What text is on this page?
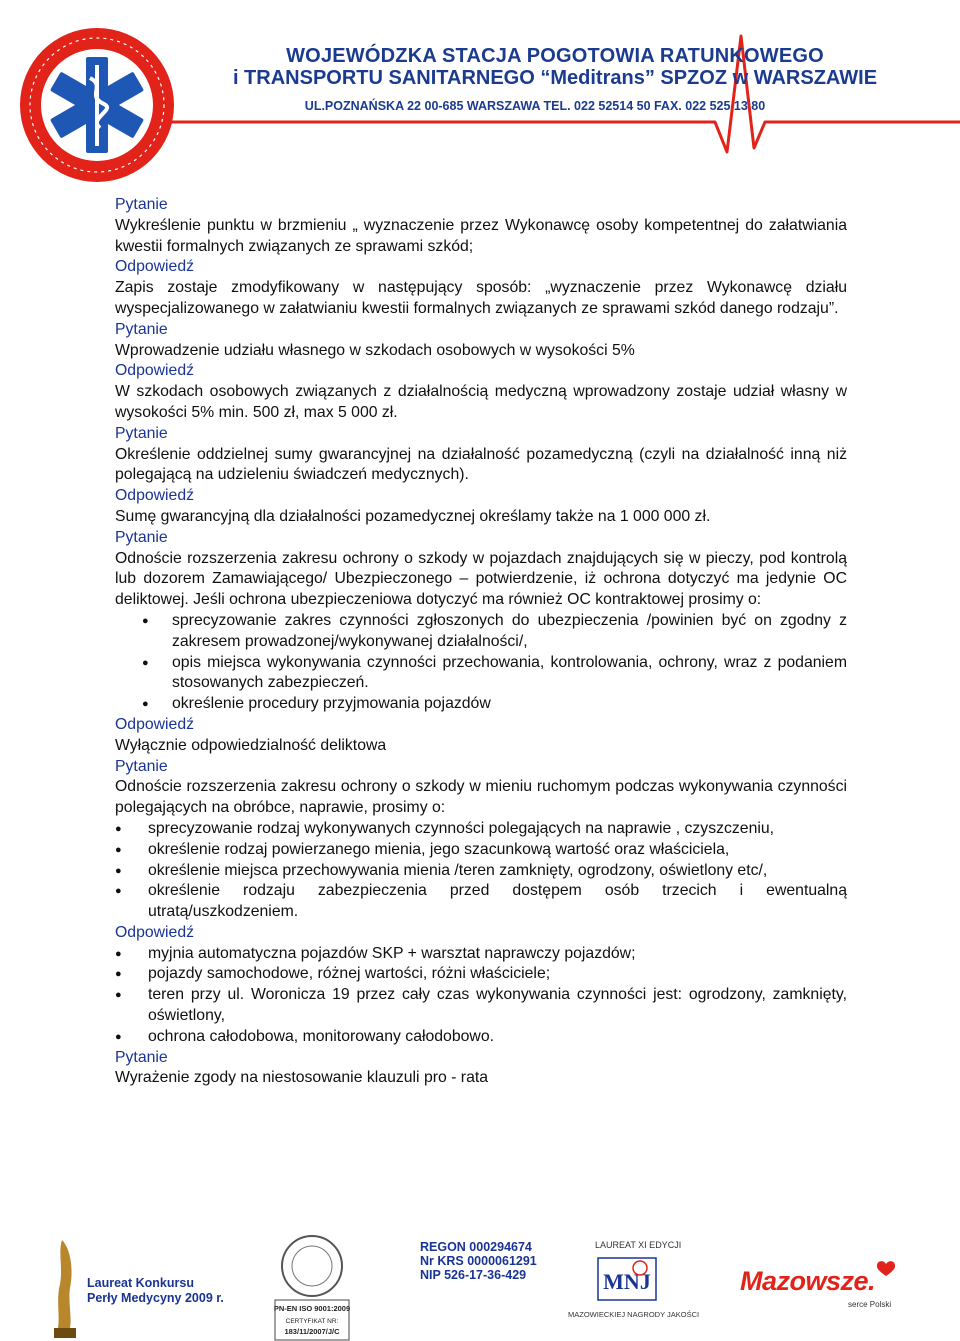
WOJEWÓDZKA STACJA POGOTOWIA RATUNKOWEGO
i TRANSPORTU SANITARNEGO “Meditrans” SPZOZ w WARSZAWIE
UL.POZNAŃSKA 22 00-685 WARSZAWA TEL. 022 52514 50 FAX. 022 525 13 80

Pytanie

Wykreślenie punktu w brzmieniu „ wyznaczenie przez Wykonawcę osoby kompetentnej do załatwiania kwestii formalnych związanych ze sprawami szkód;

Odpowiedź

Zapis zostaje zmodyfikowany w następujący sposób: „wyznaczenie przez Wykonawcę działu wyspecjalizowanego w załatwianiu kwestii formalnych związanych ze sprawami szkód danego rodzaju”.

Pytanie

Wprowadzenie udziału własnego w szkodach osobowych w wysokości 5%

Odpowiedź

W szkodach osobowych związanych z działalnością medyczną wprowadzony zostaje udział własny w wysokości 5% min. 500 zł, max 5 000 zł.

Pytanie

Określenie oddzielnej sumy gwarancyjnej na działalność pozamedyczną (czyli na działalność inną niż polegającą na udzieleniu świadczeń medycznych).

Odpowiedź

Sumę gwarancyjną dla działalności pozamedycznej określamy także na 1 000 000 zł.

Pytanie

Odnoście rozszerzenia zakresu ochrony o szkody w pojazdach znajdujących się w pieczy, pod kontrolą lub dozorem Zamawiającego/ Ubezpieczonego – potwierdzenie, iż ochrona dotyczyć ma jedynie OC deliktowej. Jeśli ochrona ubezpieczeniowa dotyczyć ma również OC kontraktowej prosimy o:

● sprecyzowanie zakres czynności zgłoszonych do ubezpieczenia /powinien być on zgodny z zakresem prowadzonej/wykonywanej działalności/,
● opis miejsca wykonywania czynności przechowania, kontrolowania, ochrony, wraz z podaniem stosowanych zabezpieczeń.
● określenie procedury przyjmowania pojazdów

Odpowiedź

Wyłącznie odpowiedzialność deliktowa

Pytanie

Odnoście rozszerzenia zakresu ochrony o szkody w mieniu ruchomym podczas wykonywania czynności polegających na obróbce, naprawie, prosimy o:

● sprecyzowanie rodzaj wykonywanych czynności polegających na naprawie , czyszczeniu,
● określenie rodzaj powierzanego mienia, jego szacunkową wartość oraz właściciela,
● określenie miejsca przechowywania mienia /teren zamknięty, ogrodzony, oświetlony etc/,
● określenie rodzaju zabezpieczenia przed dostępem osób trzecich i ewentualną utratą/uszkodzeniem.

Odpowiedź

● myjnia automatyczna pojazdów SKP + warsztat naprawczy pojazdów;
● pojazdy samochodowe, różnej wartości, różni właściciele;
● teren przy ul. Woronicza 19 przez cały czas wykonywania czynności jest: ogrodzony, zamknięty, oświetlony,
● ochrona całodobowa, monitorowany całodobowo.

Pytanie

Wyrażenie zgody na niestosowanie klauzuli pro - rata

PN-EN ISO 9001:2009
CERTYFIKAT NR:
183/11/2007/J/C
MNJ
Laureat Konkursu
Perły Medycyny 2009 r.
REGON 000294674
Nr KRS 0000061291
NIP 526-17-36-429
LAUREAT XI EDYCJI
MAZOWIECKIEJ NAGRODY JAKOŚCI
Mazowsze.
serce Polski
